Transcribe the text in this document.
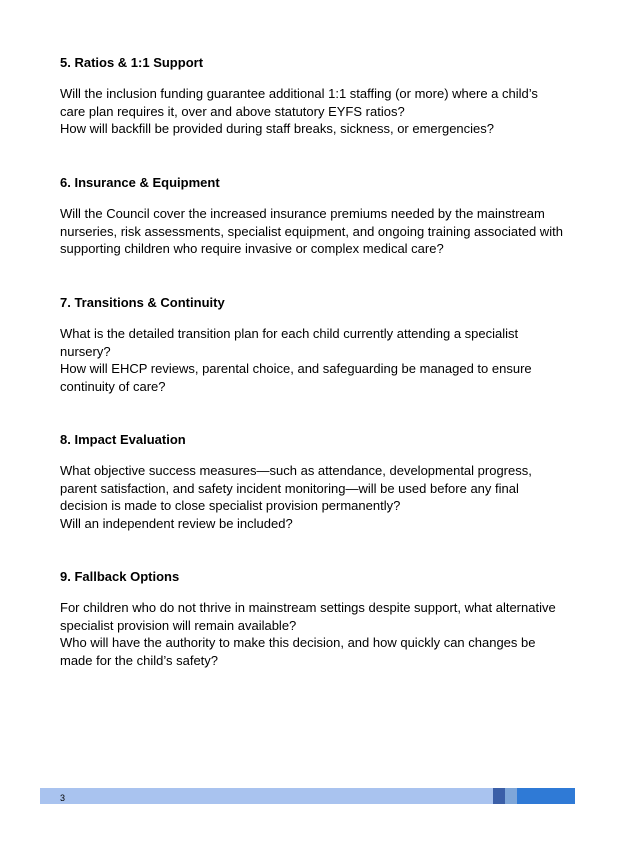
5. Ratios & 1:1 Support

Will the inclusion funding guarantee additional 1:1 staffing (or more) where a child’s
care plan requires it, over and above statutory EYFS ratios?
How will backfill be provided during staff breaks, sickness, or emergencies?

6. Insurance & Equipment

Will the Council cover the increased insurance premiums needed by the mainstream
nurseries, risk assessments, specialist equipment, and ongoing training associated with
supporting children who require invasive or complex medical care?

7. Transitions & Continuity

What is the detailed transition plan for each child currently attending a specialist
nursery?
How will EHCP reviews, parental choice, and safeguarding be managed to ensure
continuity of care?

8. Impact Evaluation

What objective success measures—such as attendance, developmental progress,
parent satisfaction, and safety incident monitoring—will be used before any final
decision is made to close specialist provision permanently?
Will an independent review be included?

9. Fallback Options

For children who do not thrive in mainstream settings despite support, what alternative
specialist provision will remain available?
Who will have the authority to make this decision, and how quickly can changes be
made for the child’s safety?
3
